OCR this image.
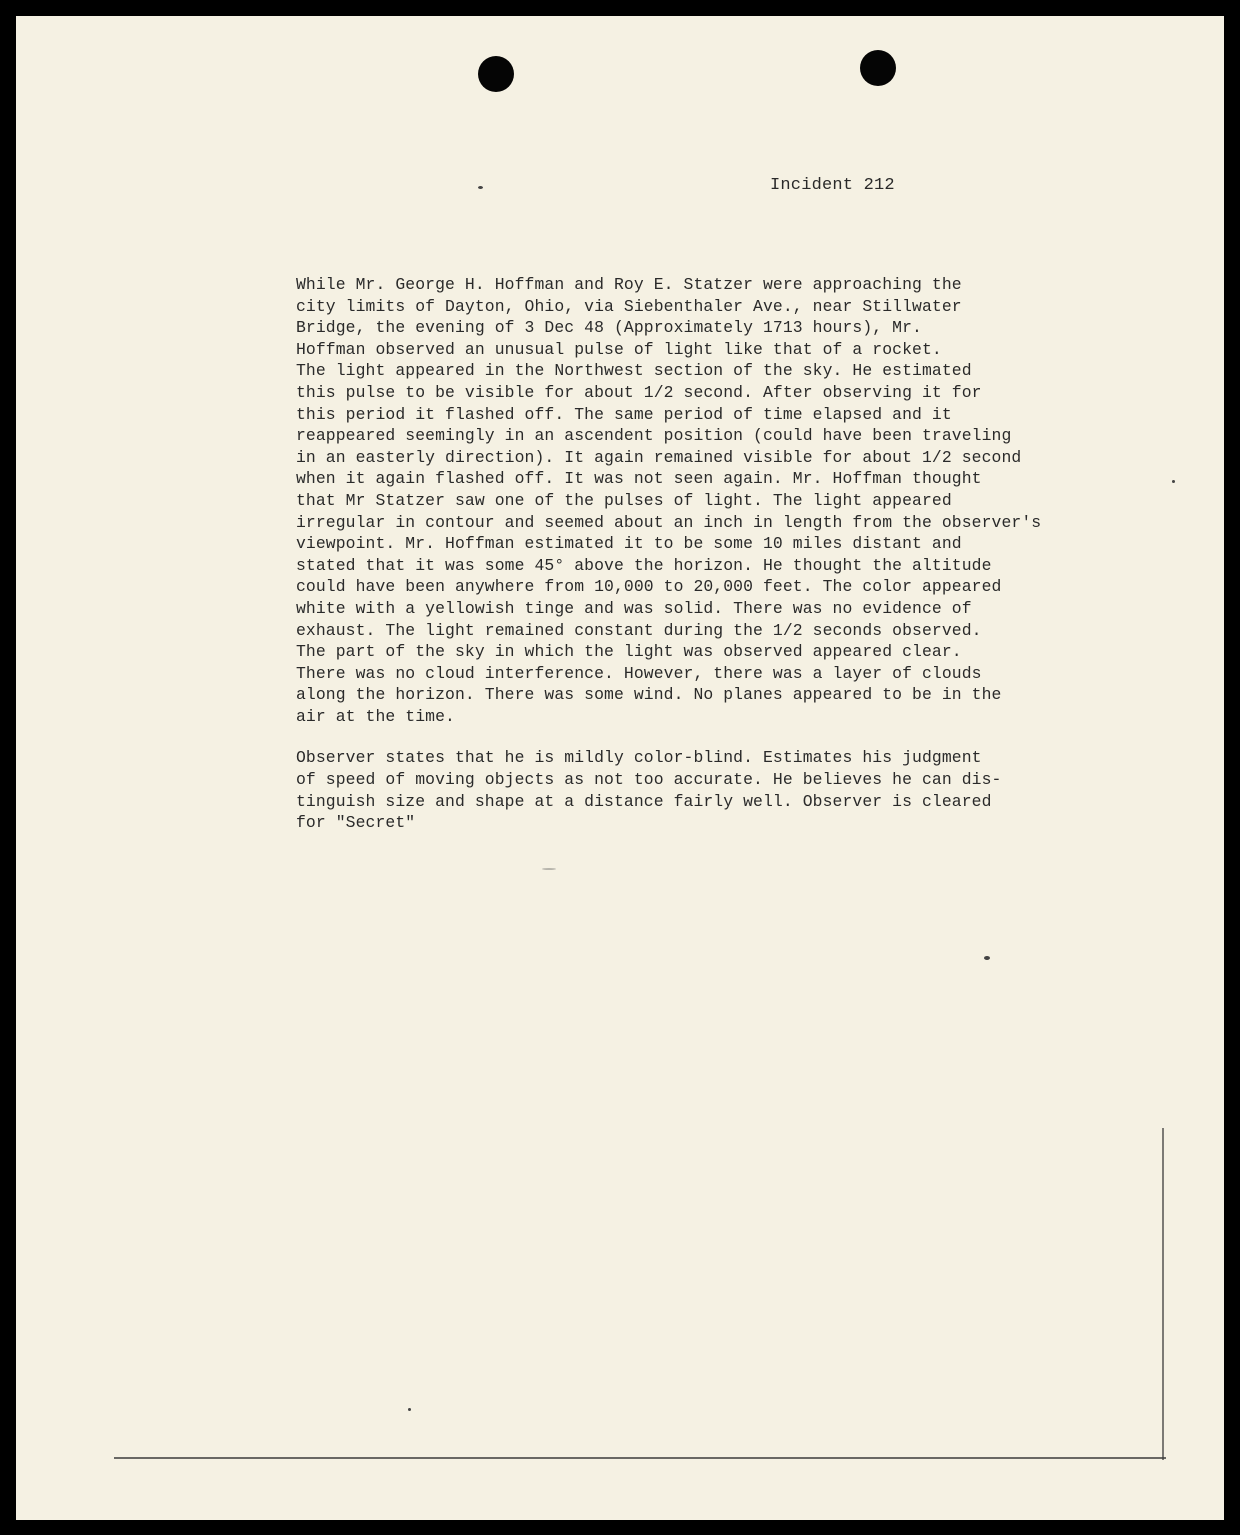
Incident 212
While Mr. George H. Hoffman and Roy E. Statzer were approaching the
city limits of Dayton, Ohio, via Siebenthaler Ave., near Stillwater
Bridge, the evening of 3 Dec 48 (Approximately 1713 hours), Mr.
Hoffman observed an unusual pulse of light like that of a rocket.
The light appeared in the Northwest section of the sky. He estimated
this pulse to be visible for about 1/2 second. After observing it for
this period it flashed off. The same period of time elapsed and it
reappeared seemingly in an ascendent position (could have been traveling
in an easterly direction). It again remained visible for about 1/2 second
when it again flashed off. It was not seen again. Mr. Hoffman thought
that Mr Statzer saw one of the pulses of light. The light appeared
irregular in contour and seemed about an inch in length from the observer's
viewpoint. Mr. Hoffman estimated it to be some 10 miles distant and
stated that it was some 45° above the horizon. He thought the altitude
could have been anywhere from 10,000 to 20,000 feet. The color appeared
white with a yellowish tinge and was solid. There was no evidence of
exhaust. The light remained constant during the 1/2 seconds observed.
The part of the sky in which the light was observed appeared clear.
There was no cloud interference. However, there was a layer of clouds
along the horizon. There was some wind. No planes appeared to be in the
air at the time.
Observer states that he is mildly color-blind. Estimates his judgment
of speed of moving objects as not too accurate. He believes he can dis-
tinguish size and shape at a distance fairly well. Observer is cleared
for "Secret"
